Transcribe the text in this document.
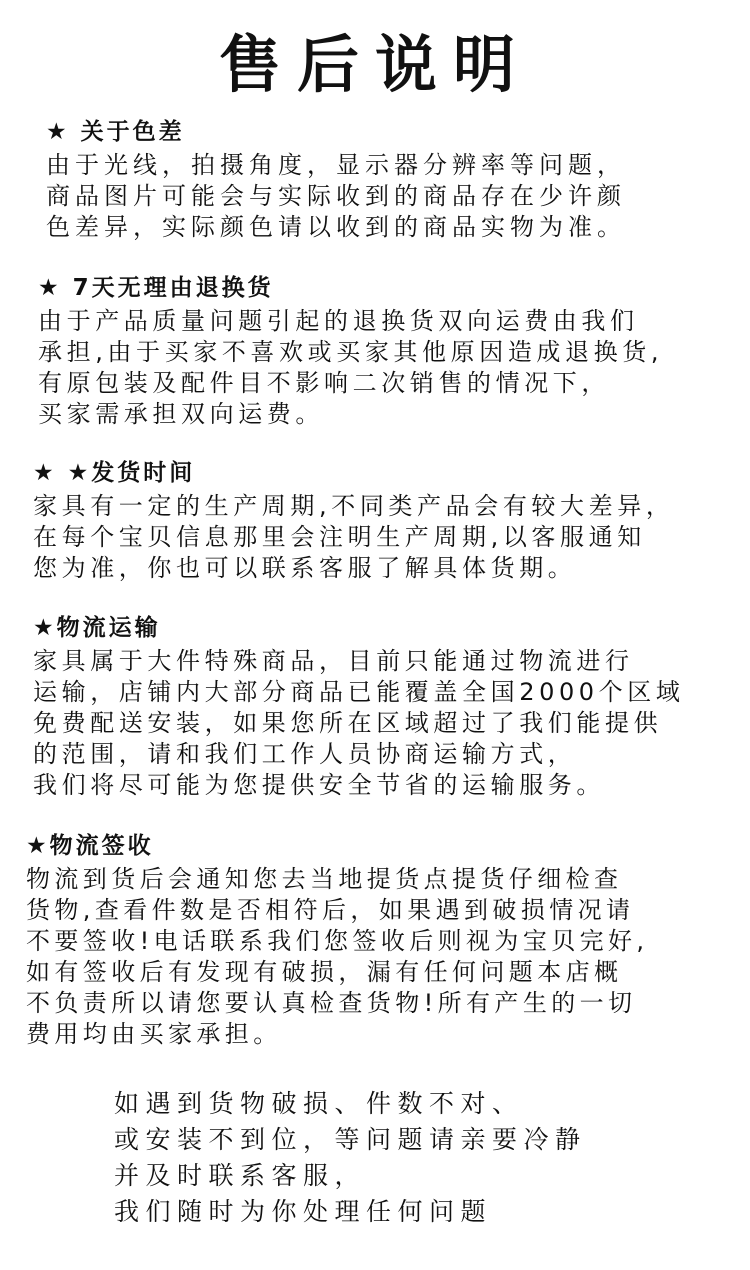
售后说明
★ 关于色差
由于光线，拍摄角度，显示器分辨率等问题，
商品图片可能会与实际收到的商品存在少许颜
色差异，实际颜色请以收到的商品实物为准。
★ 7天无理由退换货
由于产品质量问题引起的退换货双向运费由我们
承担,由于买家不喜欢或买家其他原因造成退换货,
有原包装及配件目不影响二次销售的情况下，
买家需承担双向运费。
★ ★发货时间
家具有一定的生产周期,不同类产品会有较大差异，
在每个宝贝信息那里会注明生产周期,以客服通知
您为准，你也可以联系客服了解具体货期。
★物流运输
家具属于大件特殊商品，目前只能通过物流进行
运输，店铺内大部分商品已能覆盖全国2000个区域
免费配送安装，如果您所在区域超过了我们能提供
的范围，请和我们工作人员协商运输方式，
我们将尽可能为您提供安全节省的运输服务。
★物流签收
物流到货后会通知您去当地提货点提货仔细检查
货物,查看件数是否相符后，如果遇到破损情况请
不要签收!电话联系我们您签收后则视为宝贝完好,
如有签收后有发现有破损，漏有任何问题本店概
不负责所以请您要认真检查货物!所有产生的一切
费用均由买家承担。
如遇到货物破损、件数不对、
或安装不到位，等问题请亲要冷静
并及时联系客服，
我们随时为你处理任何问题
